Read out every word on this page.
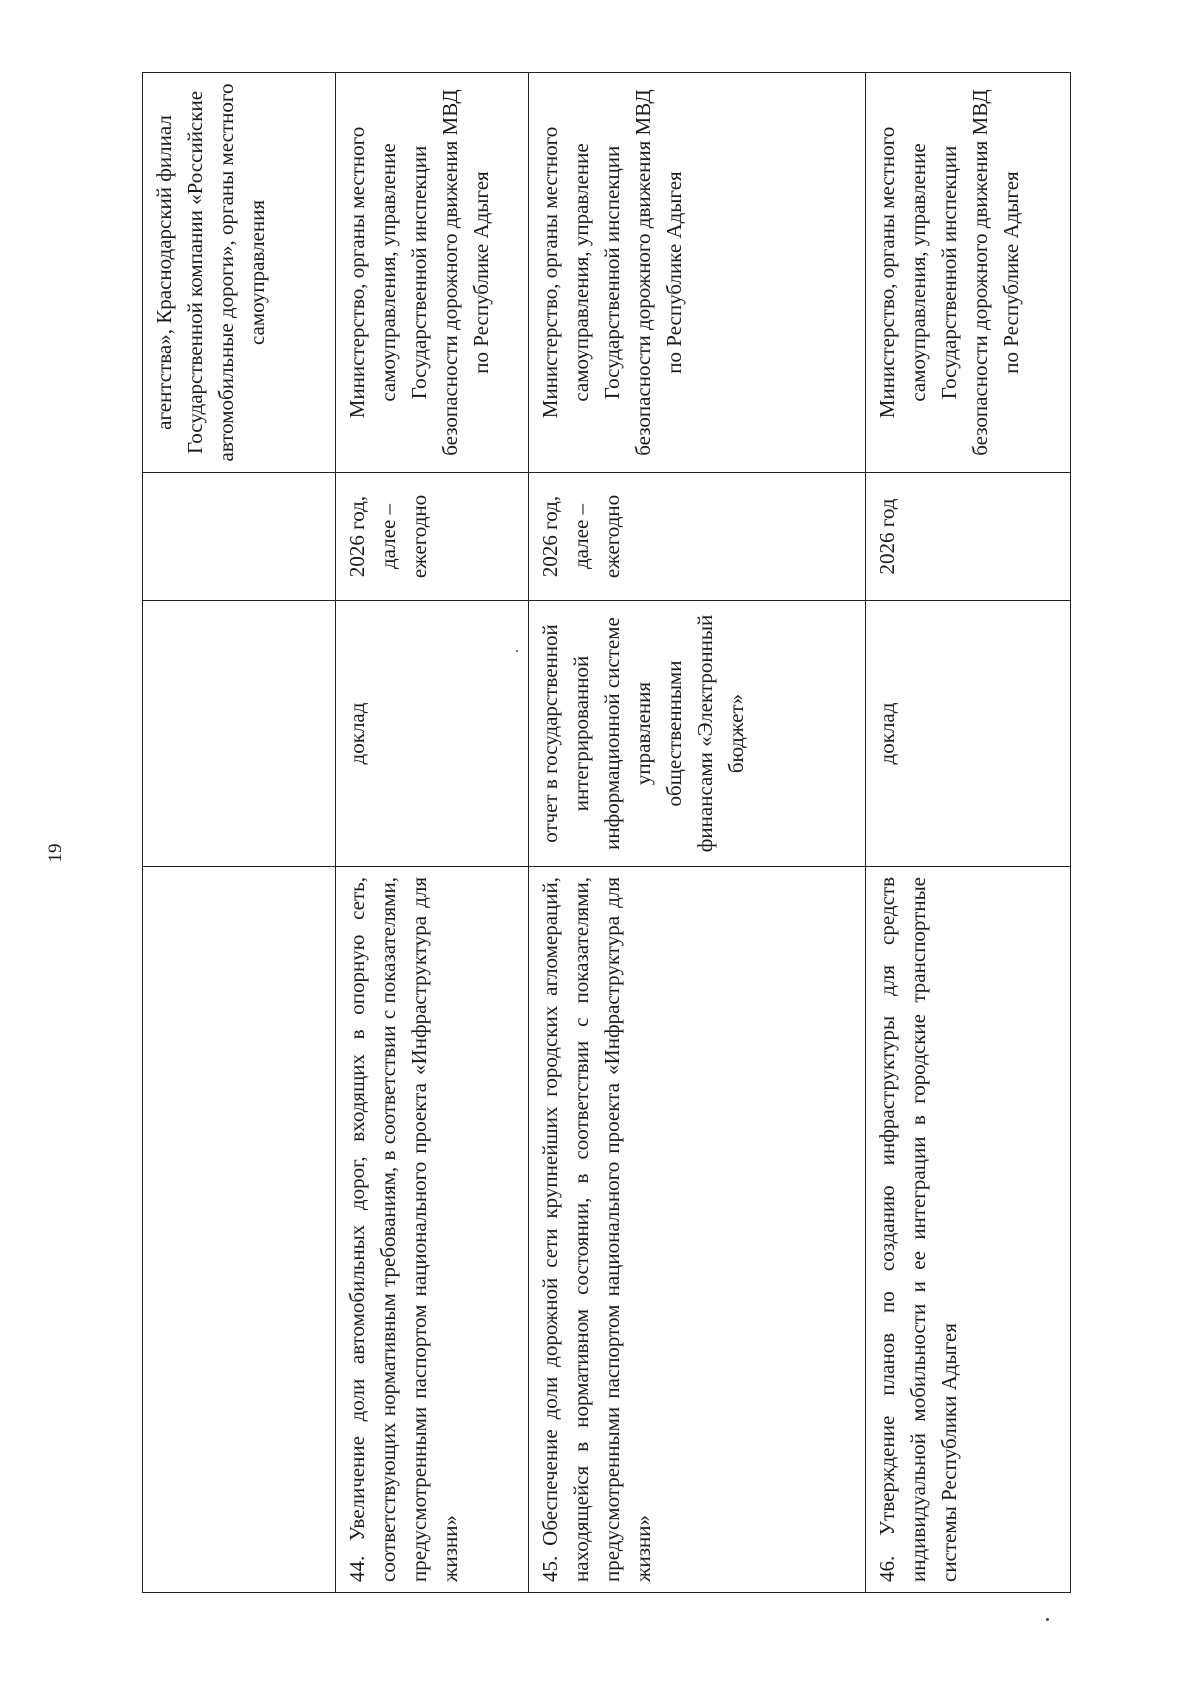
19
			агентства», Краснодарский филиал Государственной компании «Российские автомобильные дороги», органы местного самоуправления
44. Увеличение доли автомобильных дорог, входящих в опорную сеть, соответствующих нормативным требованиям, в соответствии с показателями, предусмотренными паспортом национального проекта «Инфраструктура для жизни»	доклад	2026 год, далее – ежегодно	Министерство, органы местного самоуправления, управление Государственной инспекции безопасности дорожного движения МВД по Республике Адыгея
45. Обеспечение доли дорожной сети крупнейших городских агломераций, находящейся в нормативном состоянии, в соответствии с показателями, предусмотренными паспортом национального проекта «Инфраструктура для жизни»	отчет в государственной интегрированной информационной системе управления общественными финансами «Электронный бюджет»	2026 год, далее – ежегодно	Министерство, органы местного самоуправления, управление Государственной инспекции безопасности дорожного движения МВД по Республике Адыгея
46. Утверждение планов по созданию инфраструктуры для средств индивидуальной мобильности и ее интеграции в городские транспортные системы Республики Адыгея	доклад	2026 год	Министерство, органы местного самоуправления, управление Государственной инспекции безопасности дорожного движения МВД по Республике Адыгея
